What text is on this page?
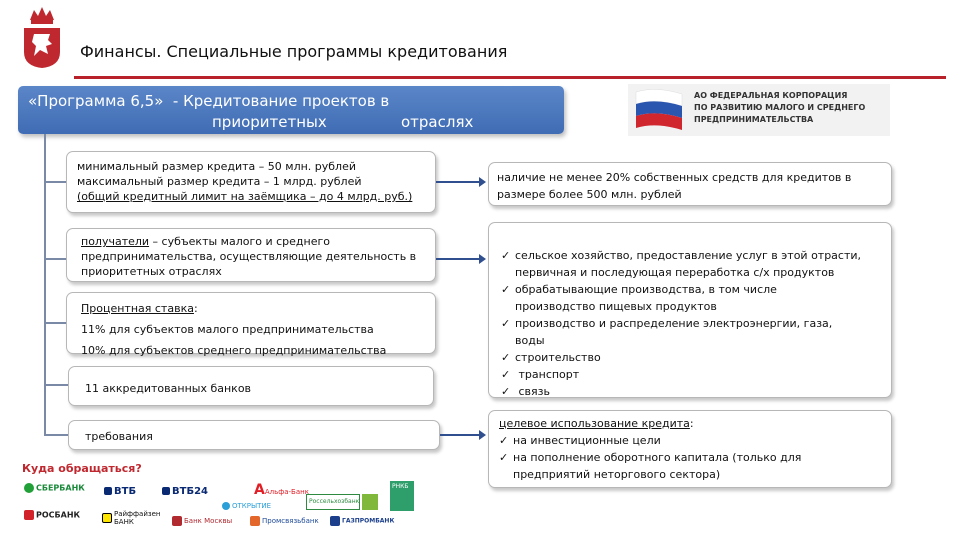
Финансы. Специальные программы кредитования
«Программа 6,5»  - Кредитование проектов в
приоритетных	отраслях
АО ФЕДЕРАЛЬНАЯ КОРПОРАЦИЯ
ПО РАЗВИТИЮ МАЛОГО И СРЕДНЕГО
ПРЕДПРИНИМАТЕЛЬСТВА

минимальный размер кредита – 50 млн. рублей

максимальный размер кредита – 1 млрд. рублей

(общий кредитный лимит на заёмщика – до 4 млрд. руб.)

получатели – субъекты малого и среднего

предпринимательства, осуществляющие деятельность в

приоритетных отраслях

Процентная ставка:

11% для субъектов малого предпринимательства

10% для субъектов среднего предпринимательства

11 аккредитованных банков

требования

наличие не менее 20% собственных средств для кредитов в

размере более 500 млн. рублей

✓ сельское хозяйство, предоставление услуг в этой отрасти,
первичная и последующая переработка с/х продуктов
✓ обрабатывающие производства, в том числе
производство пищевых продуктов
✓ производство и распределение электроэнергии, газа,
воды
✓ строительство
✓ транспорт
✓ связь

целевое использование кредита:

✓ на инвестиционные цели
✓ на пополнение оборотного капитала (только для
предприятий неторгового сектора)
Куда обращаться?
СБЕРБАНК	ВТБ	ВТБ24	AАльфа-Банк
ОТКРЫТИЕ
Россельхозбанк
РНКБ
РОСБАНК	Райффайзен
БАНК	Банк Москвы	Промсвязьбанк	ГАЗПРОМБАНК
